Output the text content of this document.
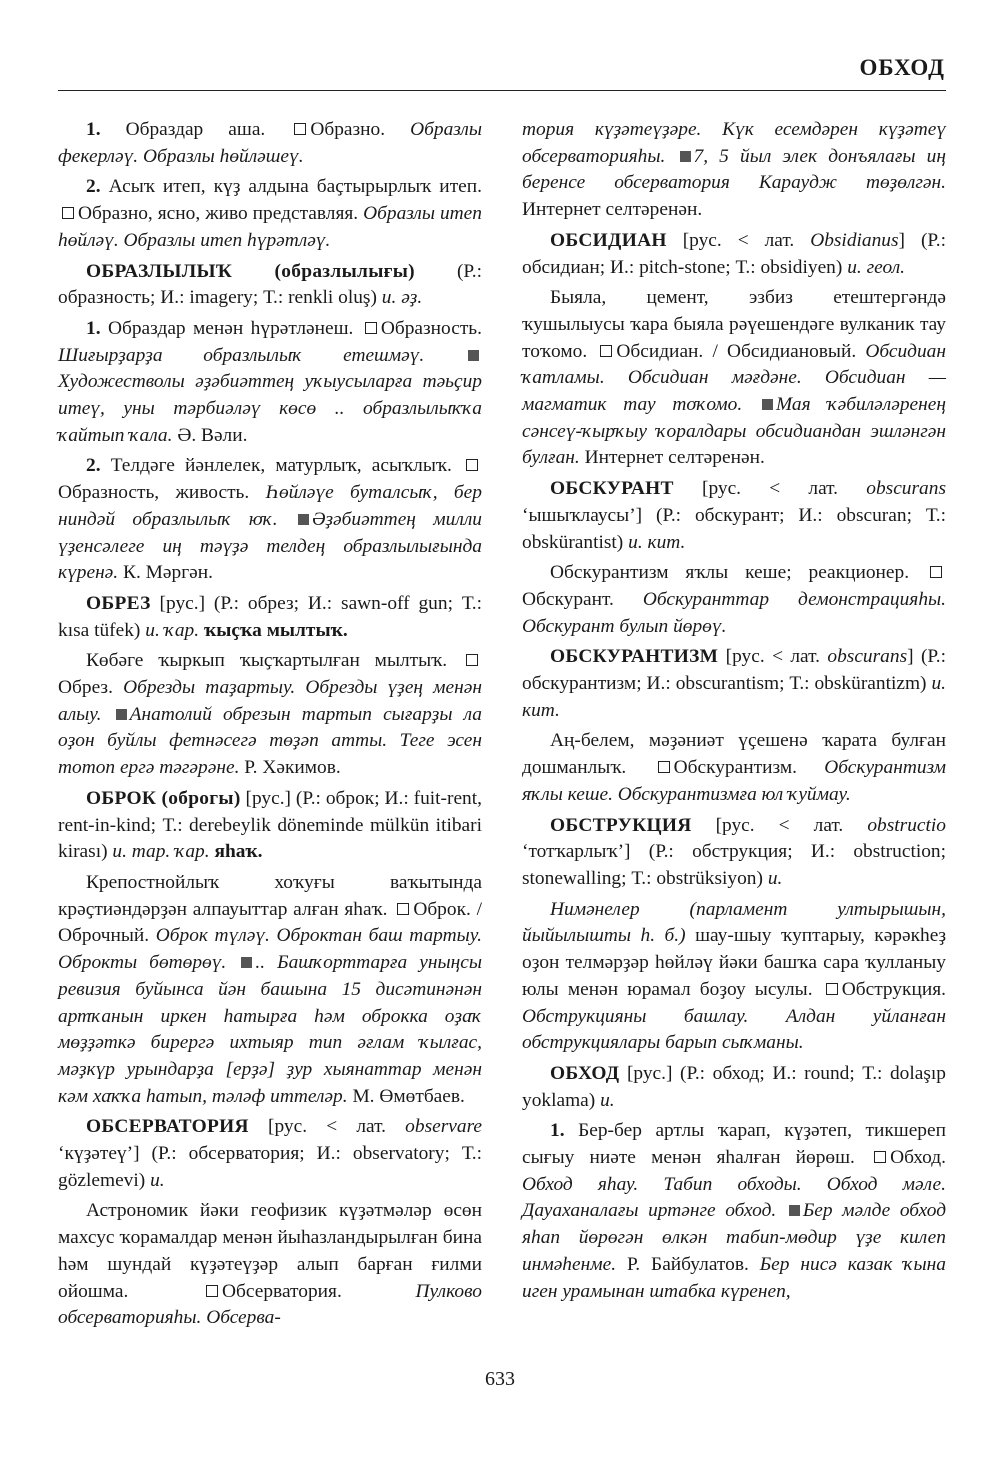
ОБХОД

1. Образдар аша. Образно. Образлы фекерләү. Образлы һөйләшеү.

2. Асыҡ итеп, күҙ алдына баҫтырырлыҡ итеп. Образно, ясно, живо представляя. Образлы итеп һөйләү. Образлы итеп һүрәтләү.

ОБРАЗЛЫЛЫҠ (образлылығы) (Р.: образность; И.: imagery; Т.: renkli oluş) и. әҙ.

1. Образдар менән һүрәтләнеш. Образность. Шиғырҙарҙа образлылыҡ етешмәү. Художестволы әҙәбиәттең уҡыусыларға тәьҫир итеү, уны тәрбиәләү көсө .. образлылыҡҡа ҡайтып ҡала. Ә. Вәли.

2. Телдәге йәнлелек, матурлыҡ, асыҡлыҡ. Образность, живость. Һөйләүе буталсыҡ, бер ниндәй образлылыҡ юҡ. Әҙәбиәттең милли үҙенсәлеге иң тәүҙә телдең образлылығында күренә. К. Мәргән.

ОБРЕЗ [рус.] (Р.: обрез; И.: sawn-off gun; Т.: kısa tüfek) и. ҡар. ҡыҫҡа мылтыҡ.

Көбәге ҡыркып ҡыҫҡартылған мылтыҡ. Обрез. Обрезды таҙартыу. Обрезды үҙең менән алыу. Анатолий обрезын тартып сығарҙы ла оҙон буйлы фетнәсегә төҙәп атты. Теге эсен тотоп ергә тәгәрәне. Р. Хәкимов.

ОБРОК (оброгы) [рус.] (Р.: оброк; И.: fuit-rent, rent-in-kind; Т.: derebeylik döneminde mülkün itibari kirası) и. тар. ҡар. яһаҡ.

Крепостнойлыҡ хоҡуғы ваҡытында крәҫтиәндәрҙән алпауыттар алған яһаҡ. Оброк. / Оброчный. Оброк түләү. Оброктан баш тартыу. Оброкты бөтөрөү. .. Башҡорттарға уныңсы ревизия буйынса йән башына 15 дисәтинәнән артҡанын иркен һатырға һәм оброкка оҙаҡ мөҙҙәткә бирергә ихтыяр тип әғлам ҡылғас, мәҙкүр урындарҙа [ерҙә] ҙур хыянаттар менән кәм хаҡҡа һатып, тәләф иттеләр. М. Өмөтбаев.

ОБСЕРВАТОРИЯ [рус. < лат. observare ‘күҙәтеү’] (Р.: обсерватория; И.: observatory; Т.: gözlemevi) и.

Астрономик йәки геофизик күҙәтмәләр өсөн махсус ҡорамалдар менән йыһазландырылған бина һәм шундай күҙәтеүҙәр алып барған ғилми ойошма.	Обсерватория.	Пулково обсерваторияһы. Обсерва-

тория күҙәтеүҙәре. Күк есемдәрен күҙәтеү обсерваторияһы. 7, 5 йыл элек донъялағы иң беренсе обсерватория Караудж төҙөлгән. Интернет селтәренән.

ОБСИДИАН [рус. < лат. Obsidianus] (Р.: обсидиан; И.: pitch-stone; Т.: obsidiyen) и. геол.

Быяла, цемент, эзбиз етештергәндә ҡушылыусы ҡара быяла рәүешендәге вулканик тау тоҡомо. Обсидиан. / Обсидиановый. Обсидиан ҡатламы. Обсидиан мәғдәне. Обсидиан — магматик тау тоҡомо. Мая ҡәбиләләренең сәнсеү-ҡырҡыу ҡоралдары обсидиандан эшләнгән булған. Интернет селтәренән.

ОБСКУРАНТ [рус. < лат. obscurans ‘ышыҡлаусы’] (Р.: обскурант; И.: obscuran; Т.: obskürantist) и. кит.

Обскурантизм яҡлы кеше; реакционер. Обскурант. Обскуранттар демонстрацияһы. Обскурант булып йөрөү.

ОБСКУРАНТИЗМ [рус. < лат. obscurans] (Р.: обскурантизм; И.: obscurantism; Т.: obskürantizm) и. кит.

Аң-белем, мәҙәниәт үҫешенә ҡарата булған дошманлыҡ. Обскурантизм. Обскурантизм яҡлы кеше. Обскурантизмға юл ҡуймау.

ОБСТРУКЦИЯ [рус. < лат. obstructio ‘тотҡарлыҡ’] (Р.: обструкция; И.: obstruction; stonewalling; Т.: obstrüksiyon) и.

Нимәнелер (парламент ултырышын, йыйылышты һ. б.) шау-шыу ҡуптарыу, кәрәкһеҙ оҙон телмәрҙәр һөйләү йәки башҡа сара ҡулланыу юлы менән юрамал боҙоу ысулы. Обструкция. Обструкцияны башлау. Алдан уйланған обструкциялары барып сыҡманы.

ОБХОД [рус.] (Р.: обход; И.: round; Т.: dolaşıp yoklama) и.

1. Бер-бер артлы ҡарап, күҙәтеп, тикшереп сығыу ниәте менән яһалған йөрөш. Обход. Обход яһау. Табип обходы. Обход мәле. Дауаханалағы иртәнге обход. Бер мәлде обход яһап йөрөгән өлкән табип-мөдир үҙе килеп инмәһенме. Р. Байбулатов. Бер нисә казак ҡына иген урамынан штабка күренеп,

633
